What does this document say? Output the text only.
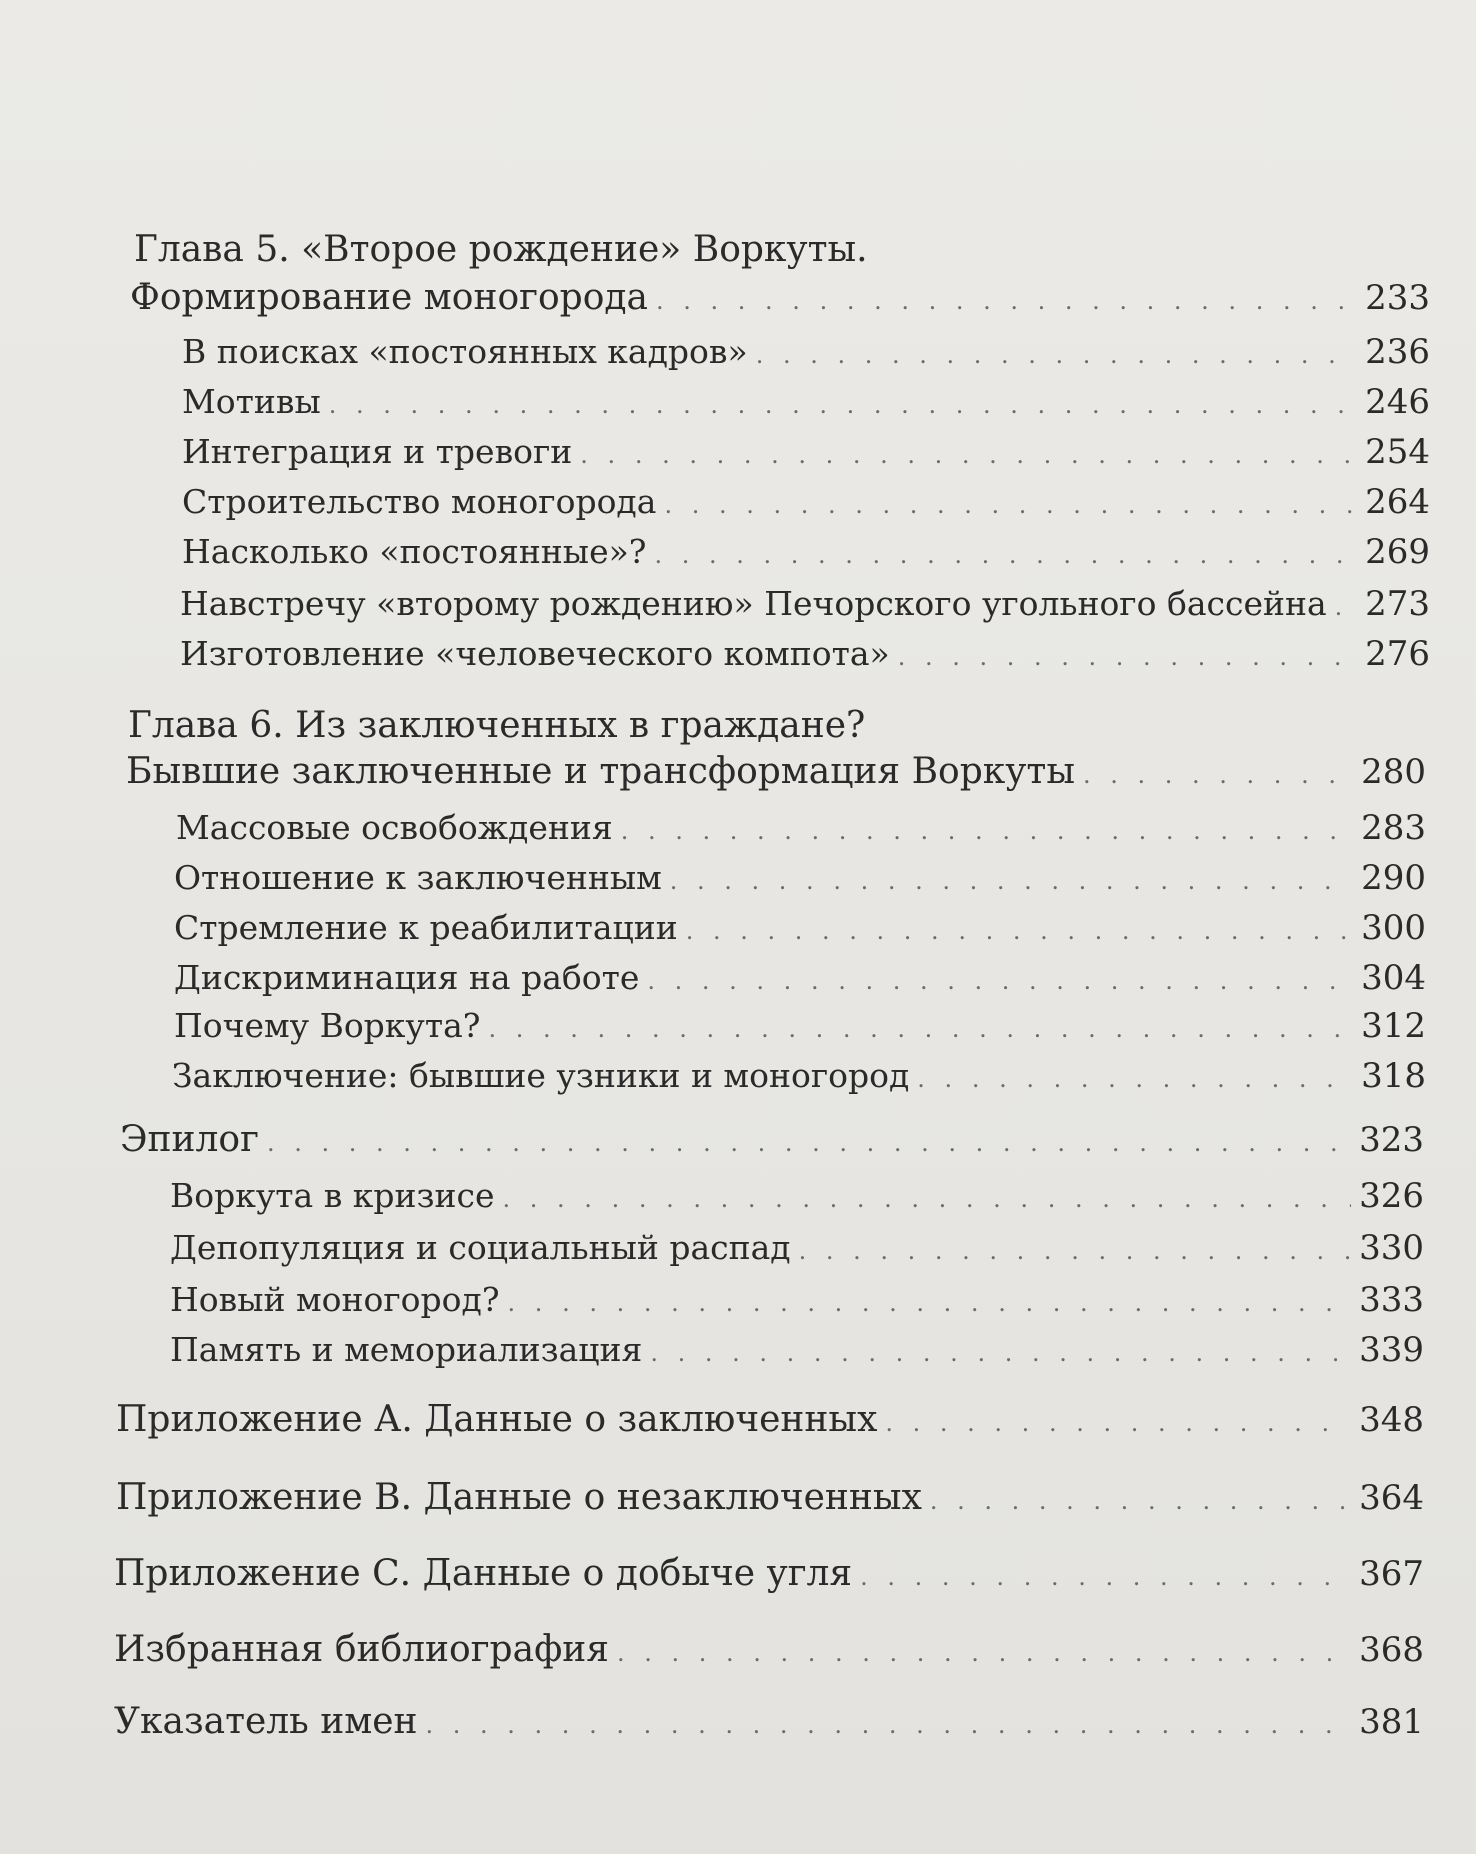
Глава 5. «Второе рождение» Воркуты.
Формирование моногорода . . .	233
В поисках «постоянных кадров» . . .	236
Мотивы . . .	246
Интеграция и тревоги . . .	254
Строительство моногорода . . .	264
Насколько «постоянные»? . . .	269
Навстречу «второму рождению» Печорского угольного бассейна . . . 273
Изготовление «человеческого компота» . . .	276
Глава 6. Из заключенных в граждане?
Бывшие заключенные и трансформация Воркуты . . .	280
Массовые освобождения . . .	283
Отношение к заключенным . . .	290
Стремление к реабилитации . . .	300
Дискриминация на работе . . .	304
Почему Воркута? . . .	312
Заключение: бывшие узники и моногород . . .	318
Эпилог . . .	323
Воркута в кризисе . . .	326
Депопуляция и социальный распад . . .	330
Новый моногород? . . .	333
Память и мемориализация . . .	339
Приложение А. Данные о заключенных . . .	348
Приложение В. Данные о незаключенных . . .	364
Приложение С. Данные о добыче угля . . .	367
Избранная библиография . . .	368
Указатель имен . . .	381
